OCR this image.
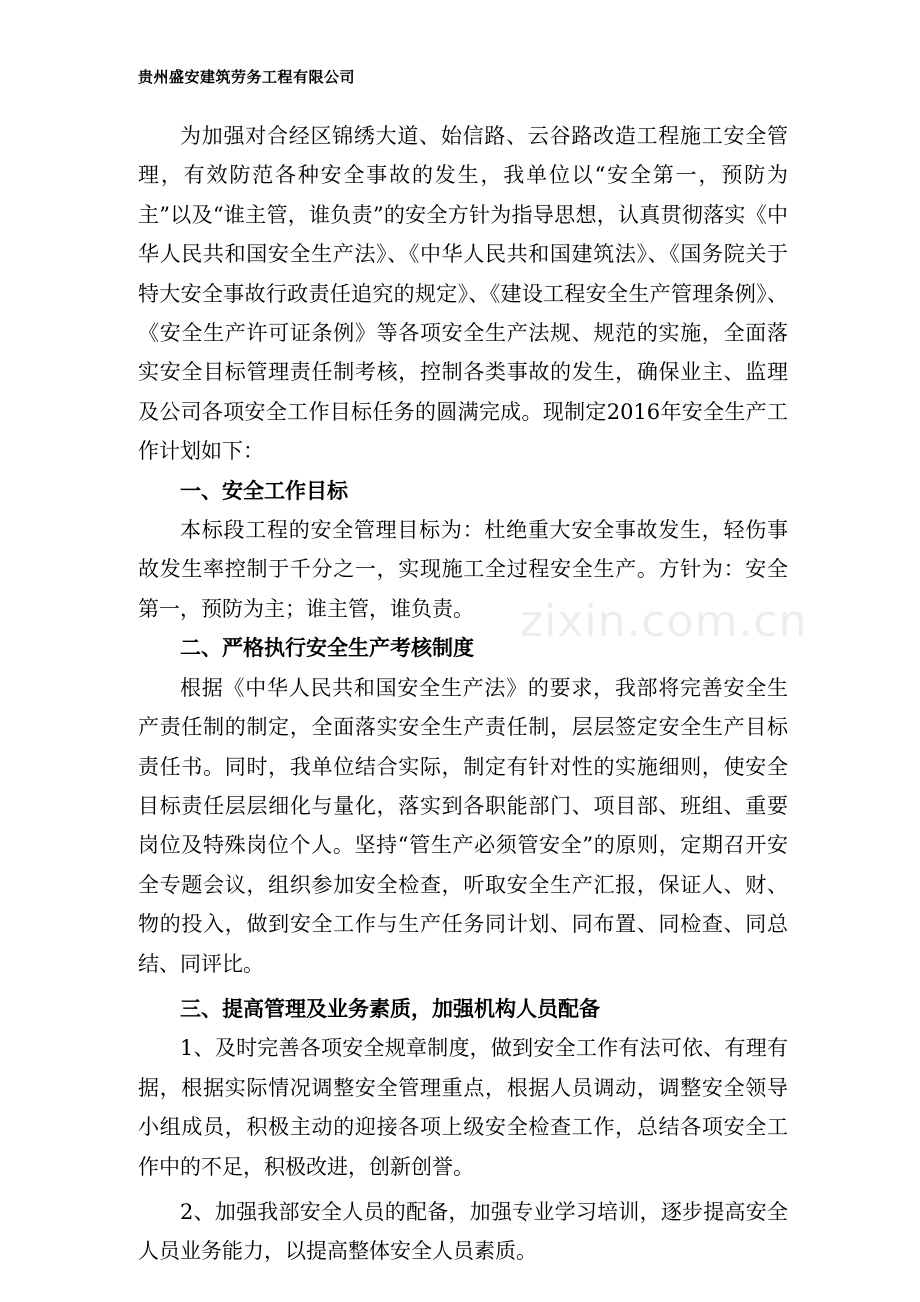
贵州盛安建筑劳务工程有限公司
zixin.com.cn

为加强对合经区锦绣大道、始信路、云谷路改造工程施工安全管理，有效防范各种安全事故的发生，我单位以“安全第一，预防为主”以及“谁主管，谁负责”的安全方针为指导思想，认真贯彻落实《中华人民共和国安全生产法》、《中华人民共和国建筑法》、《国务院关于特大安全事故行政责任追究的规定》、《建设工程安全生产管理条例》、《安全生产许可证条例》等各项安全生产法规、规范的实施，全面落实安全目标管理责任制考核，控制各类事故的发生，确保业主、监理及公司各项安全工作目标任务的圆满完成。现制定2016年安全生产工作计划如下：

一、安全工作目标

本标段工程的安全管理目标为：杜绝重大安全事故发生，轻伤事故发生率控制于千分之一，实现施工全过程安全生产。方针为：安全第一，预防为主；谁主管，谁负责。

二、严格执行安全生产考核制度

根据《中华人民共和国安全生产法》的要求，我部将完善安全生产责任制的制定，全面落实安全生产责任制，层层签定安全生产目标责任书。同时，我单位结合实际，制定有针对性的实施细则，使安全目标责任层层细化与量化，落实到各职能部门、项目部、班组、重要岗位及特殊岗位个人。坚持“管生产必须管安全”的原则，定期召开安全专题会议，组织参加安全检查，听取安全生产汇报，保证人、财、物的投入，做到安全工作与生产任务同计划、同布置、同检查、同总结、同评比。

三、提高管理及业务素质，加强机构人员配备

1、及时完善各项安全规章制度，做到安全工作有法可依、有理有据，根据实际情况调整安全管理重点，根据人员调动，调整安全领导小组成员，积极主动的迎接各项上级安全检查工作，总结各项安全工作中的不足，积极改进，创新创誉。

2、加强我部安全人员的配备，加强专业学习培训，逐步提高安全人员业务能力，以提高整体安全人员素质。
